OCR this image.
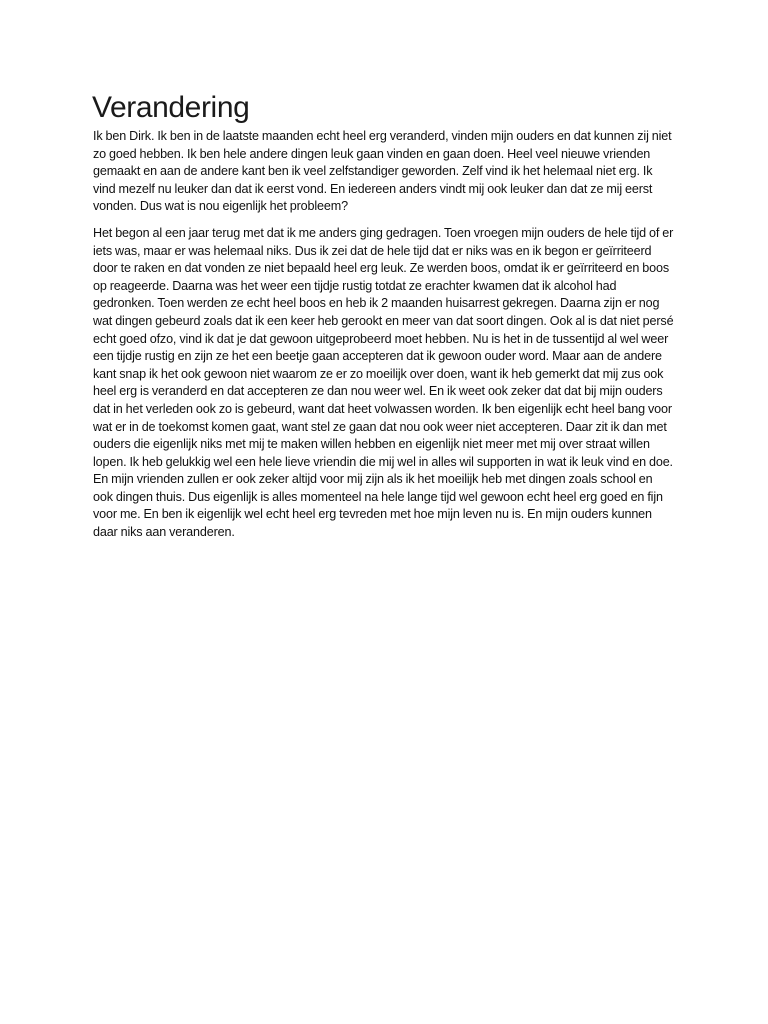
Verandering

Ik ben Dirk. Ik ben in de laatste maanden echt heel erg veranderd, vinden mijn ouders en dat kunnen zij niet zo goed hebben. Ik ben hele andere dingen leuk gaan vinden en gaan doen. Heel veel nieuwe vrienden gemaakt en aan de andere kant ben ik veel zelfstandiger geworden. Zelf vind ik het helemaal niet erg. Ik vind mezelf nu leuker dan dat ik eerst vond. En iedereen anders vindt mij ook leuker dan dat ze mij eerst vonden. Dus wat is nou eigenlijk het probleem?

Het begon al een jaar terug met dat ik me anders ging gedragen. Toen vroegen mijn ouders de hele tijd of er iets was, maar er was helemaal niks. Dus ik zei dat de hele tijd dat er niks was en ik begon er geïrriteerd door te raken en dat vonden ze niet bepaald heel erg leuk. Ze werden boos, omdat ik er geïrriteerd en boos op reageerde. Daarna was het weer een tijdje rustig totdat ze erachter kwamen dat ik alcohol had gedronken. Toen werden ze echt heel boos en heb ik 2 maanden huisarrest gekregen. Daarna zijn er nog wat dingen gebeurd zoals dat ik een keer heb gerookt en meer van dat soort dingen. Ook al is dat niet persé echt goed ofzo, vind ik dat je dat gewoon uitgeprobeerd moet hebben. Nu is het in de tussentijd al wel weer een tijdje rustig en zijn ze het een beetje gaan accepteren dat ik gewoon ouder word. Maar aan de andere kant snap ik het ook gewoon niet waarom ze er zo moeilijk over doen, want ik heb gemerkt dat mij zus ook heel erg is veranderd en dat accepteren ze dan nou weer wel. En ik weet ook zeker dat dat bij mijn ouders dat in het verleden ook zo is gebeurd, want dat heet volwassen worden. Ik ben eigenlijk echt heel bang voor wat er in de toekomst komen gaat, want stel ze gaan dat nou ook weer niet accepteren. Daar zit ik dan met ouders die eigenlijk niks met mij te maken willen hebben en eigenlijk niet meer met mij over straat willen lopen. Ik heb gelukkig wel een hele lieve vriendin die mij wel in alles wil supporten in wat ik leuk vind en doe. En mijn vrienden zullen er ook zeker altijd voor mij zijn als ik het moeilijk heb met dingen zoals school en ook dingen thuis. Dus eigenlijk is alles momenteel na hele lange tijd wel gewoon echt heel erg goed en fijn voor me. En ben ik eigenlijk wel echt heel erg tevreden met hoe mijn leven nu is. En mijn ouders kunnen daar niks aan veranderen.
